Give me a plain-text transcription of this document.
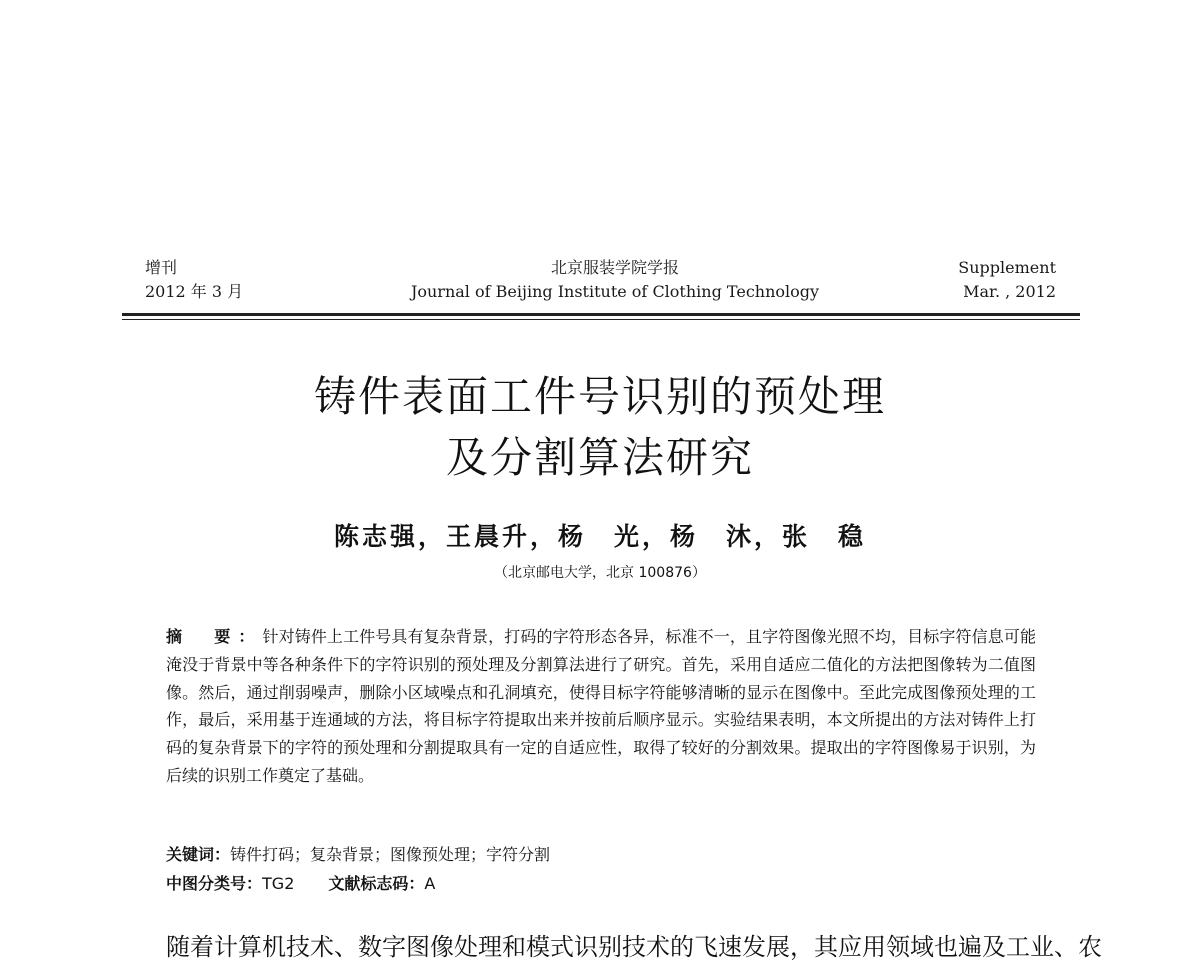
增刊
2012 年 3 月
北京服装学院学报
Journal of Beijing Institute of Clothing Technology
Supplement
Mar. , 2012
铸件表面工件号识别的预处理
及分割算法研究
陈志强，王晨升，杨　光，杨　沐，张　稳
（北京邮电大学，北京 100876）
摘　要：针对铸件上工件号具有复杂背景，打码的字符形态各异，标准不一，且字符图像光照不均，目标字符信息可能淹没于背景中等各种条件下的字符识别的预处理及分割算法进行了研究。首先，采用自适应二值化的方法把图像转为二值图像。然后，通过削弱噪声，删除小区域噪点和孔洞填充，使得目标字符能够清晰的显示在图像中。至此完成图像预处理的工作，最后，采用基于连通域的方法，将目标字符提取出来并按前后顺序显示。实验结果表明，本文所提出的方法对铸件上打码的复杂背景下的字符的预处理和分割提取具有一定的自适应性，取得了较好的分割效果。提取出的字符图像易于识别，为后续的识别工作奠定了基础。
关键词：铸件打码；复杂背景；图像预处理；字符分割
中图分类号：TG2 文献标志码：A
随着计算机技术、数字图像处理和模式识别技术的飞速发展，其应用领域也遍及工业、农
